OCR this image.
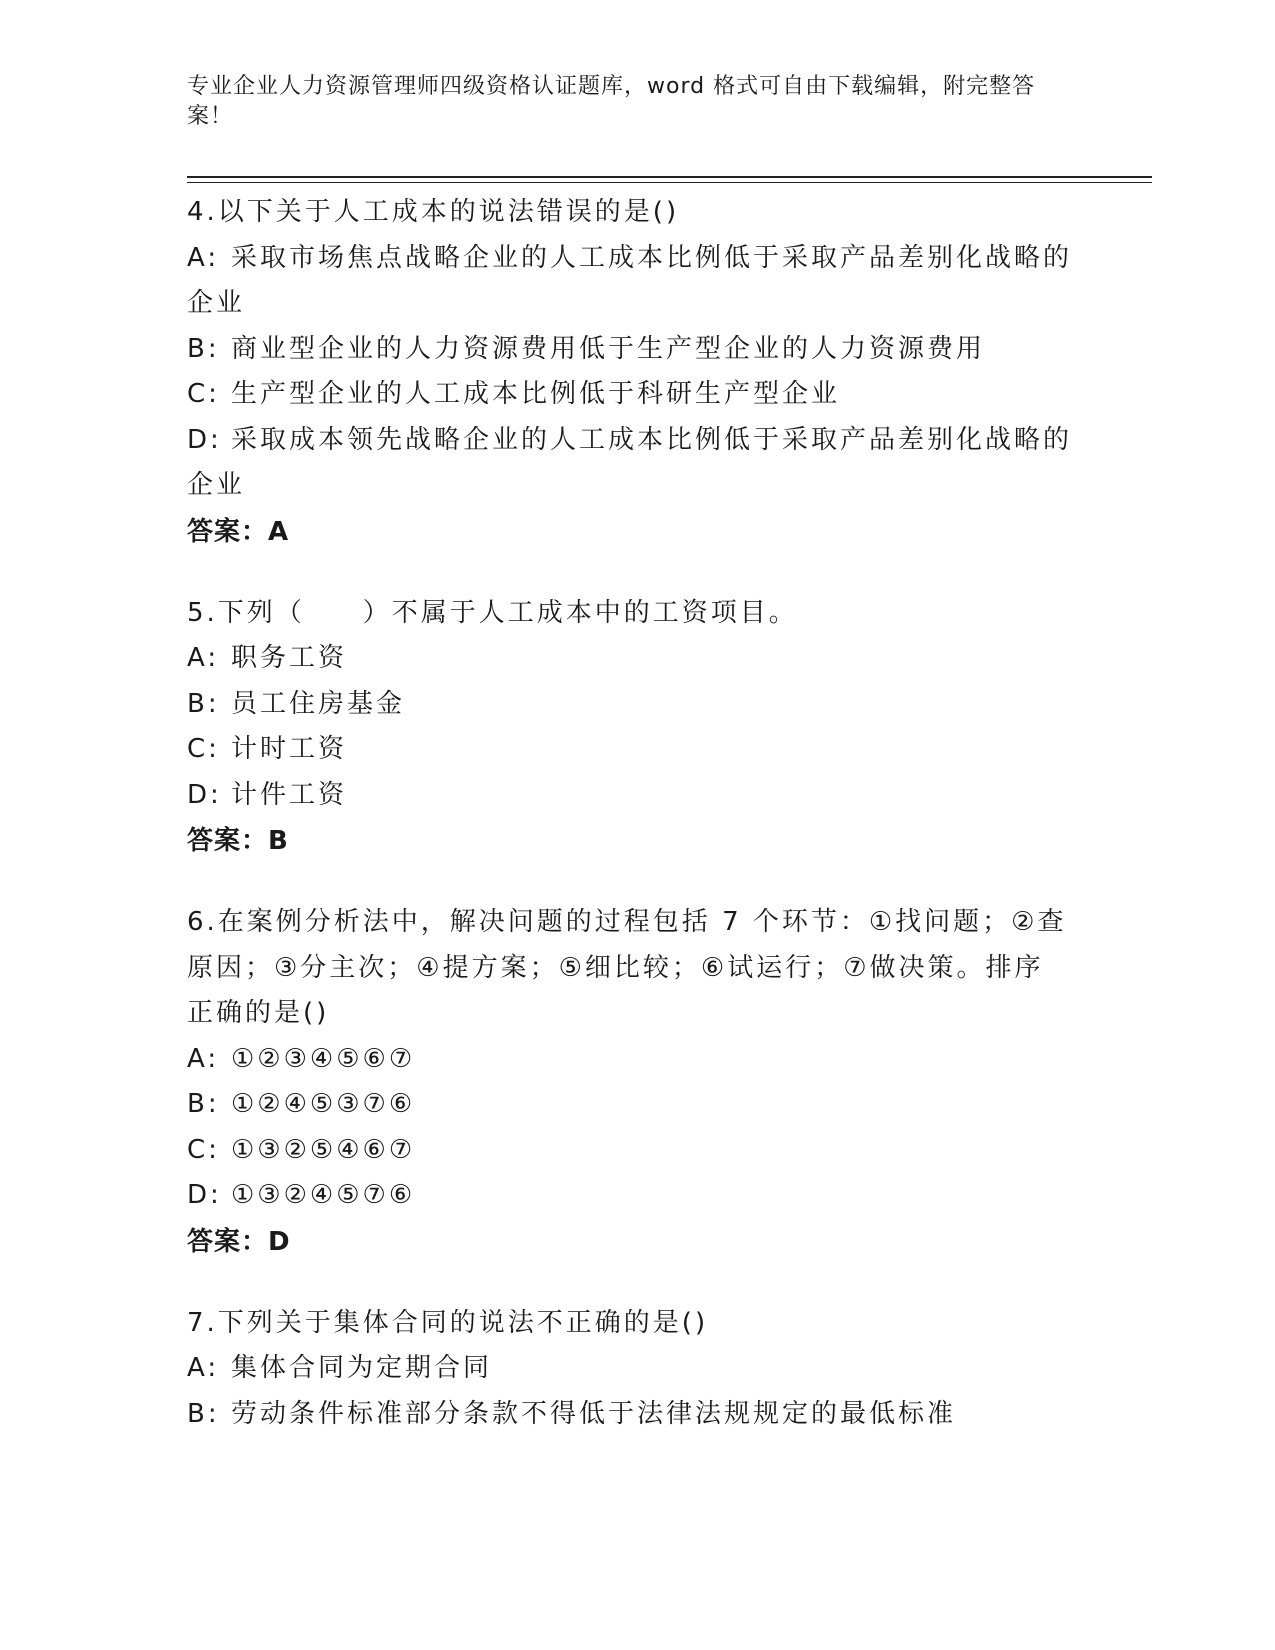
专业企业人力资源管理师四级资格认证题库，word 格式可自由下载编辑，附完整答案！
4.以下关于人工成本的说法错误的是()
A: 采取市场焦点战略企业的人工成本比例低于采取产品差别化战略的
企业
B: 商业型企业的人力资源费用低于生产型企业的人力资源费用
C: 生产型企业的人工成本比例低于科研生产型企业
D: 采取成本领先战略企业的人工成本比例低于采取产品差别化战略的
企业
答案：A
5.下列（　　）不属于人工成本中的工资项目。
A: 职务工资
B: 员工住房基金
C: 计时工资
D: 计件工资
答案：B
6.在案例分析法中，解决问题的过程包括 7 个环节：①找问题；②查
原因；③分主次；④提方案；⑤细比较；⑥试运行；⑦做决策。排序
正确的是()
A: ①②③④⑤⑥⑦
B: ①②④⑤③⑦⑥
C: ①③②⑤④⑥⑦
D: ①③②④⑤⑦⑥
答案：D
7.下列关于集体合同的说法不正确的是()
A: 集体合同为定期合同
B: 劳动条件标准部分条款不得低于法律法规规定的最低标准
